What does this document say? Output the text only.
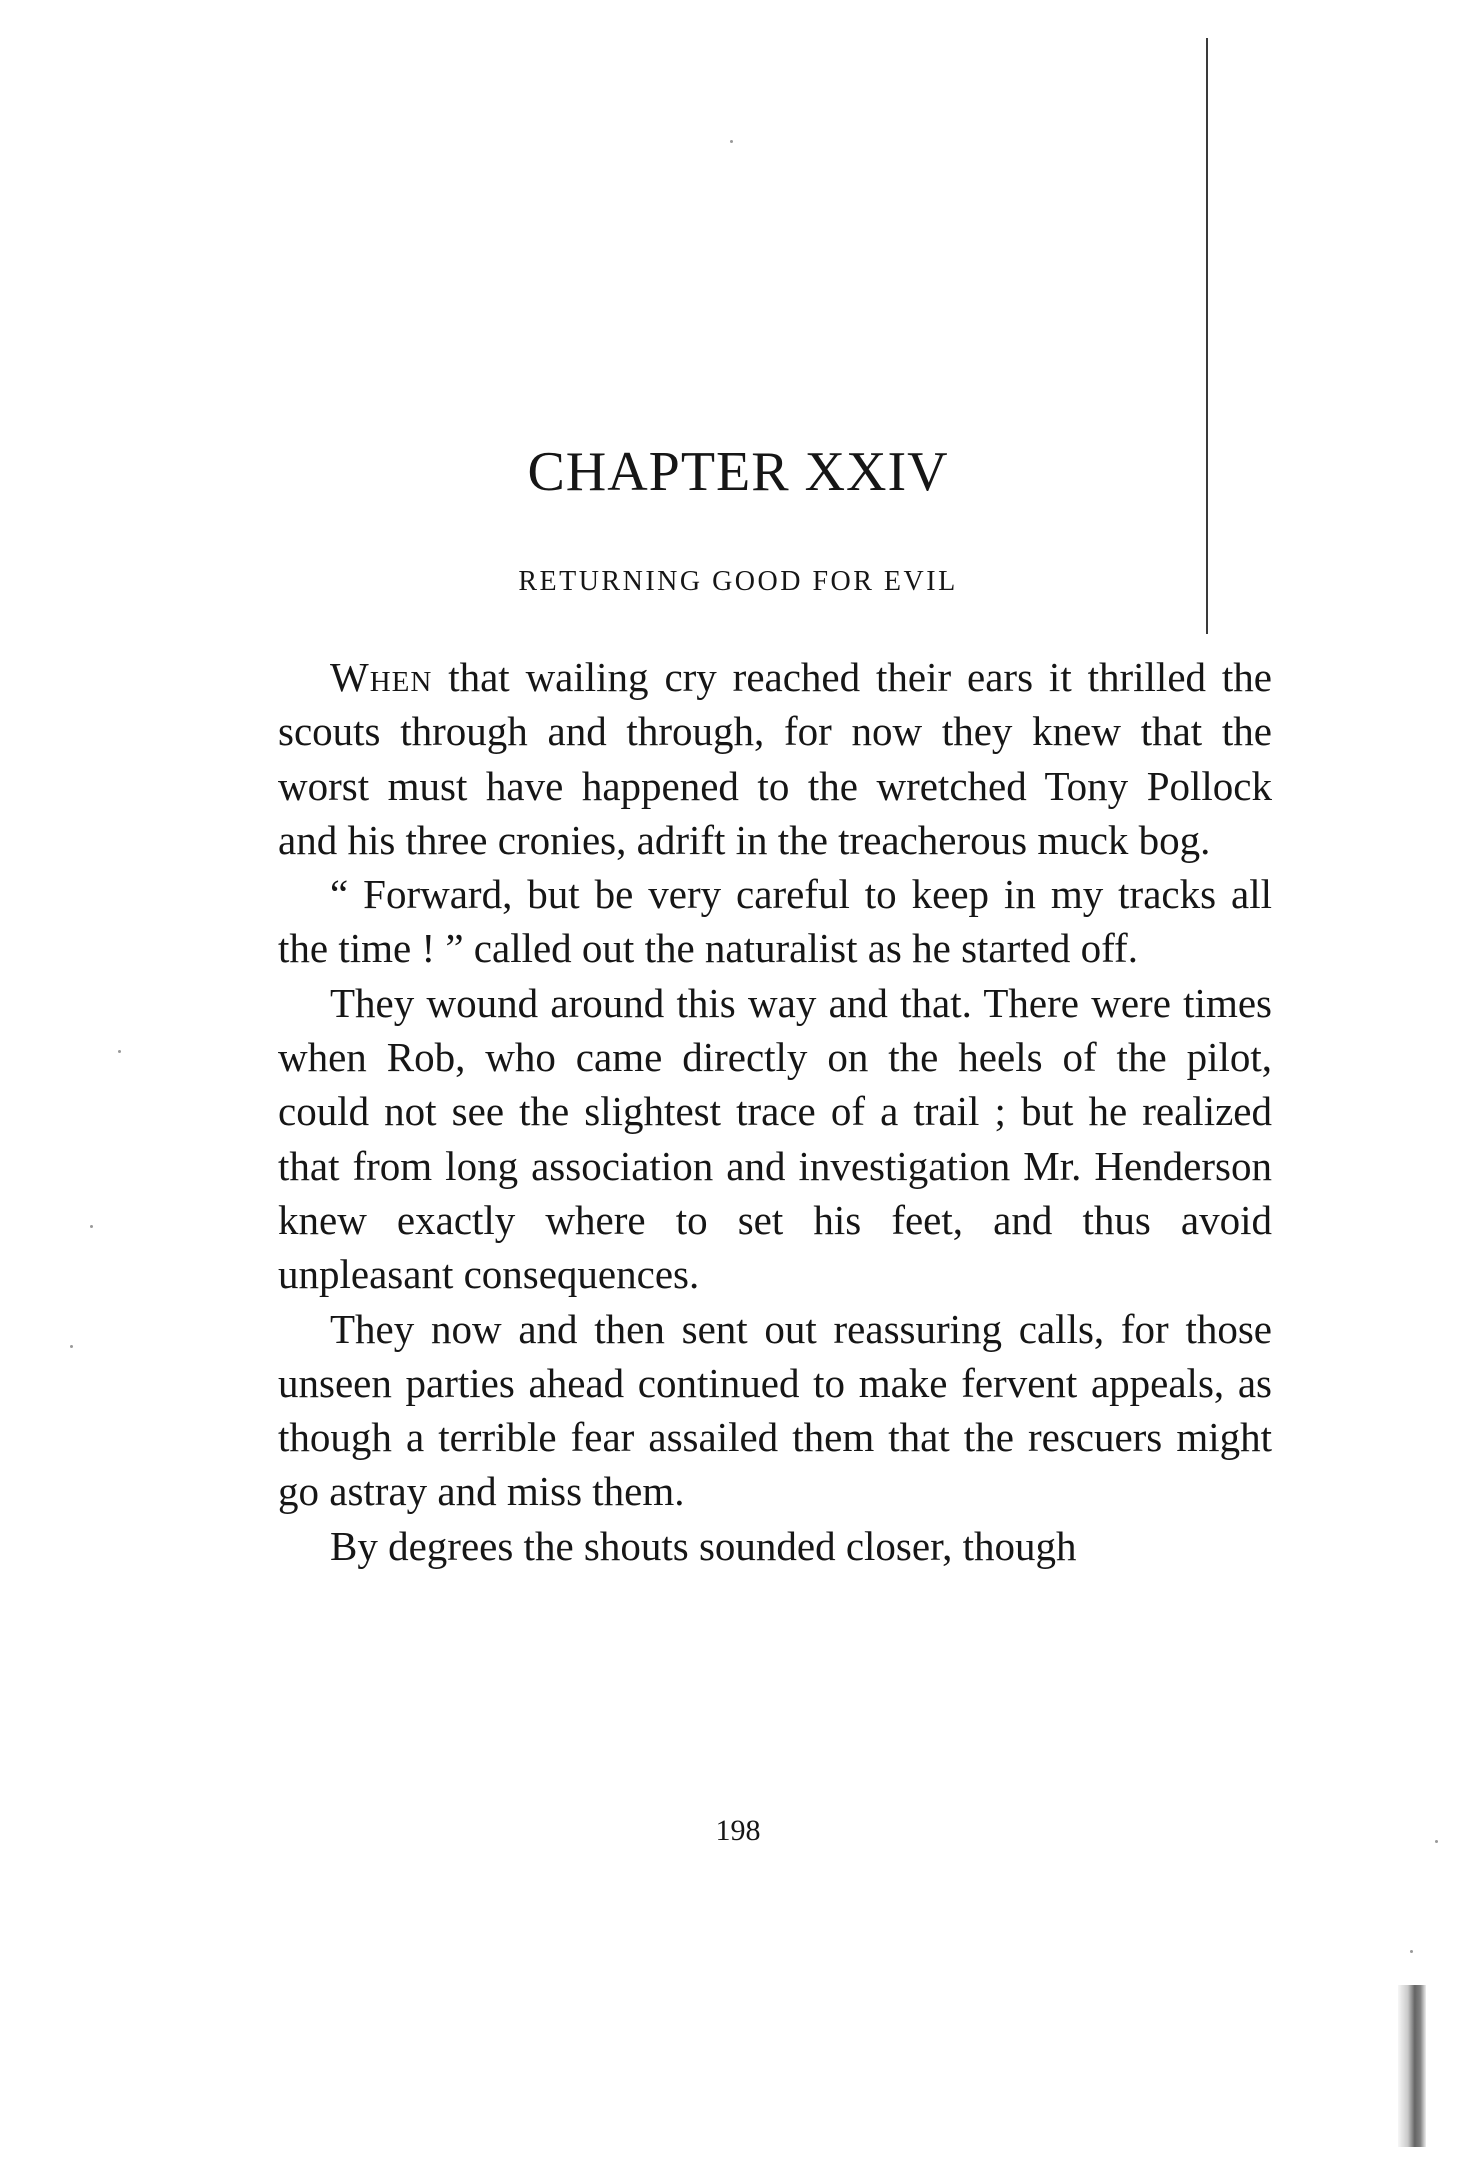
CHAPTER XXIV
RETURNING GOOD FOR EVIL

When that wailing cry reached their ears it thrilled the scouts through and through, for now they knew that the worst must have happened to the wretched Tony Pollock and his three cronies, adrift in the treacherous muck bog.

“ Forward, but be very careful to keep in my tracks all the time ! ” called out the naturalist as he started off.

They wound around this way and that. There were times when Rob, who came directly on the heels of the pilot, could not see the slightest trace of a trail ; but he realized that from long association and investigation Mr. Henderson knew exactly where to set his feet, and thus avoid unpleasant consequences.

They now and then sent out reassuring calls, for those unseen parties ahead continued to make fervent appeals, as though a terrible fear assailed them that the rescuers might go astray and miss them.

By degrees the shouts sounded closer, though

198
